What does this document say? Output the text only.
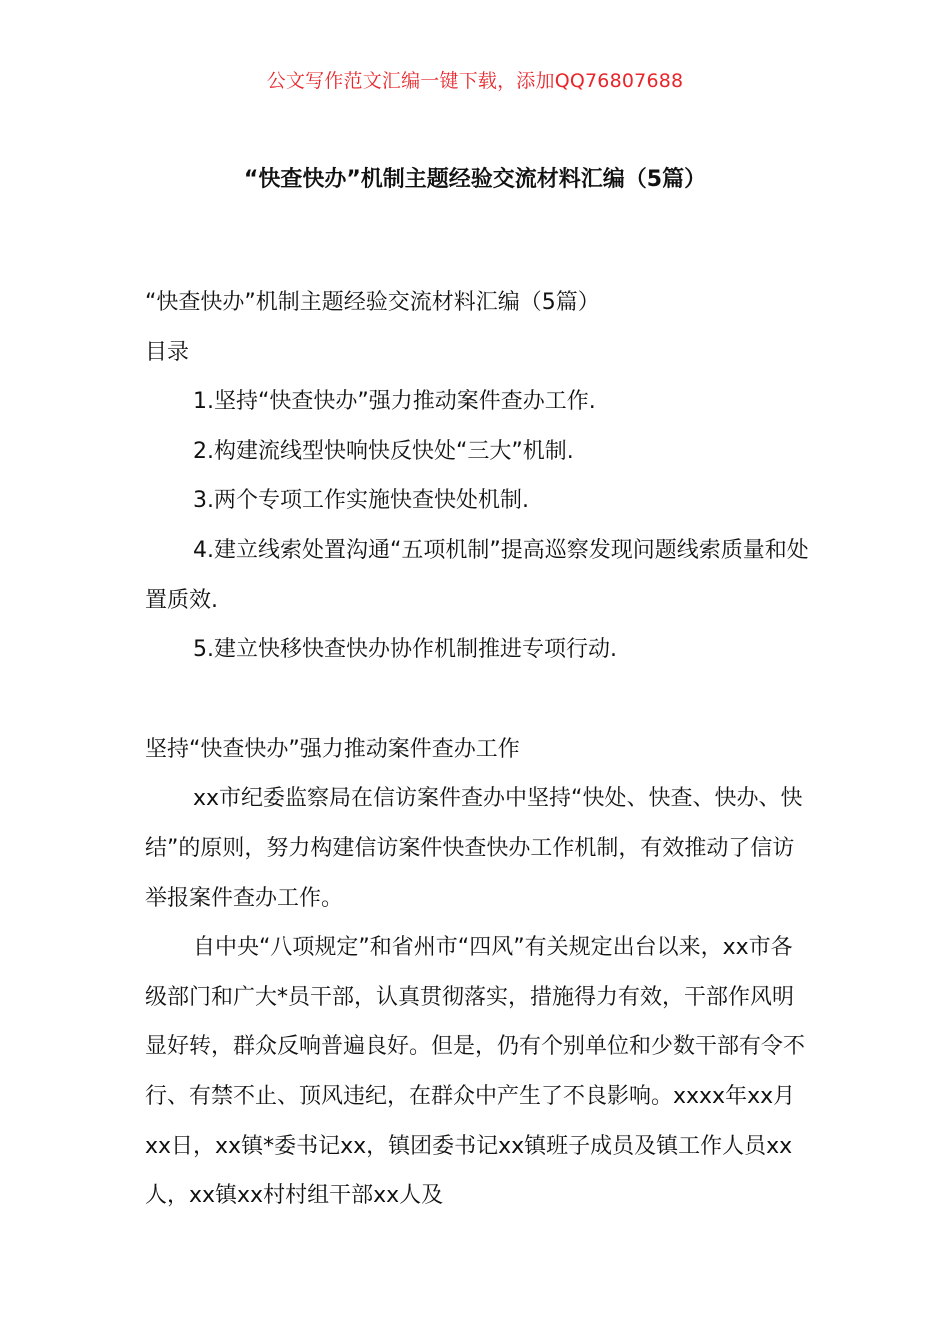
公文写作范文汇编一键下载，添加QQ76807688
“快查快办”机制主题经验交流材料汇编（5篇）

“快查快办”机制主题经验交流材料汇编（5篇）

目录

1.坚持“快查快办”强力推动案件查办工作.

2.构建流线型快响快反快处“三大”机制.

3.两个专项工作实施快查快处机制.

4.建立线索处置沟通“五项机制”提高巡察发现问题线索质量和处置质效.

5.建立快移快查快办协作机制推进专项行动.

坚持“快查快办”强力推动案件查办工作

xx市纪委监察局在信访案件查办中坚持“快处、快查、快办、快结”的原则，努力构建信访案件快查快办工作机制，有效推动了信访举报案件查办工作。

自中央“八项规定”和省州市“四风”有关规定出台以来，xx市各级部门和广大*员干部，认真贯彻落实，措施得力有效，干部作风明显好转，群众反响普遍良好。但是，仍有个别单位和少数干部有令不行、有禁不止、顶风违纪，在群众中产生了不良影响。xxxx年xx月xx日，xx镇*委书记xx，镇团委书记xx镇班子成员及镇工作人员xx人，xx镇xx村村组干部xx人及
